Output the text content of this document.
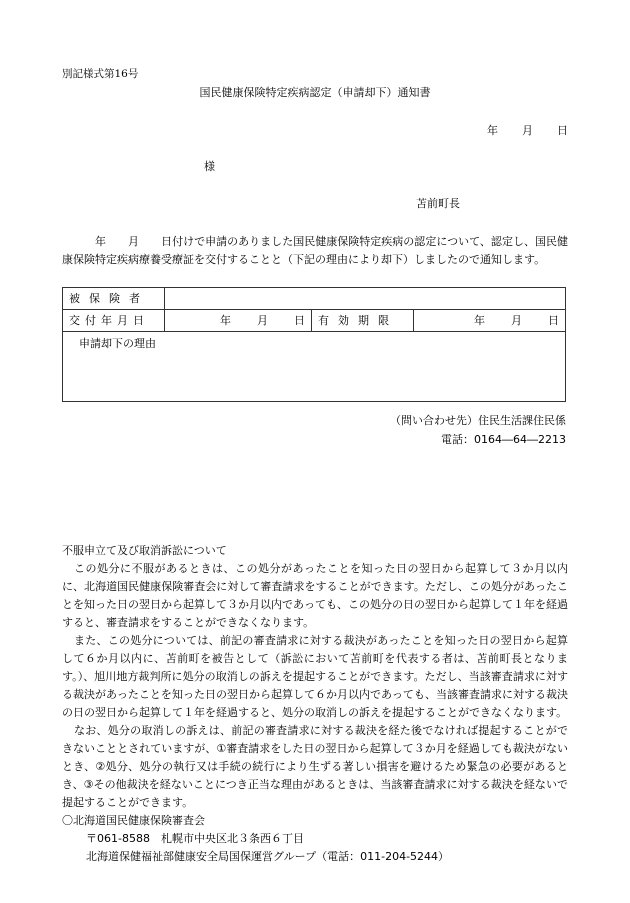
別記様式第16号
国民健康保険特定疾病認定（申請却下）通知書
年 月 日
様
苫前町長
　　　年　　月　　日付けで申請のありました国民健康保険特定疾病の認定について、認定し、国民健康保険特定疾病療養受療証を交付することと（下記の理由により却下）しましたので通知します。
被保険者			

交付年月日	年 月 日	有効期限	年 月 日

申請却下の理由			
（問い合わせ先）住民生活課住民係
電話：0164―64―2213

不服申立て及び取消訴訟について

この処分に不服があるときは、この処分があったことを知った日の翌日から起算して３か月以内に、北海道国民健康保険審査会に対して審査請求をすることができます。ただし、この処分があったことを知った日の翌日から起算して３か月以内であっても、この処分の日の翌日から起算して１年を経過すると、審査請求をすることができなくなります。

また、この処分については、前記の審査請求に対する裁決があったことを知った日の翌日から起算して６か月以内に、苫前町を被告として（訴訟において苫前町を代表する者は、苫前町長となります。）、旭川地方裁判所に処分の取消しの訴えを提起することができます。ただし、当該審査請求に対する裁決があったことを知った日の翌日から起算して６か月以内であっても、当該審査請求に対する裁決の日の翌日から起算して１年を経過すると、処分の取消しの訴えを提起することができなくなります。

なお、処分の取消しの訴えは、前記の審査請求に対する裁決を経た後でなければ提起することができないこととされていますが、①審査請求をした日の翌日から起算して３か月を経過しても裁決がないとき、②処分、処分の執行又は手続の続行により生ずる著しい損害を避けるため緊急の必要があるとき、③その他裁決を経ないことにつき正当な理由があるときは、当該審査請求に対する裁決を経ないで提起することができます。

〇北海道国民健康保険審査会

〒061-8588　札幌市中央区北３条西６丁目

北海道保健福祉部健康安全局国保運営グループ（電話：011-204-5244）
